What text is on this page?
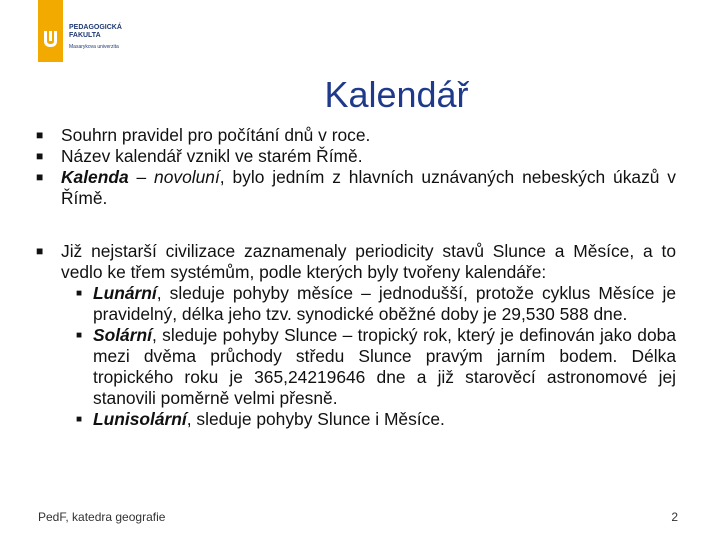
PEDAGOGICKÁ
FAKULTA
Masarykova univerzita
Kalendář
■ Souhrn pravidel pro počítání dnů v roce.
■ Název kalendář vznikl ve starém Římě.
■ Kalenda – novoluní, bylo jedním z hlavních uznávaných nebeských úkazů v Římě.
■ Již nejstarší civilizace zaznamenaly periodicity stavů Slunce a Měsíce, a to vedlo ke třem systémům, podle kterých byly tvořeny kalendáře:
■ Lunární, sleduje pohyby měsíce – jednodušší, protože cyklus Měsíce je pravidelný, délka jeho tzv. synodické oběžné doby je 29,530 588 dne.
■ Solární, sleduje pohyby Slunce – tropický rok, který je definován jako doba mezi dvěma průchody středu Slunce pravým jarním bodem. Délka tropického roku je 365,24219646 dne a již starověcí astronomové jej stanovili poměrně velmi přesně.
■ Lunisolární, sleduje pohyby Slunce i Měsíce.
PedF, katedra geografie	2
